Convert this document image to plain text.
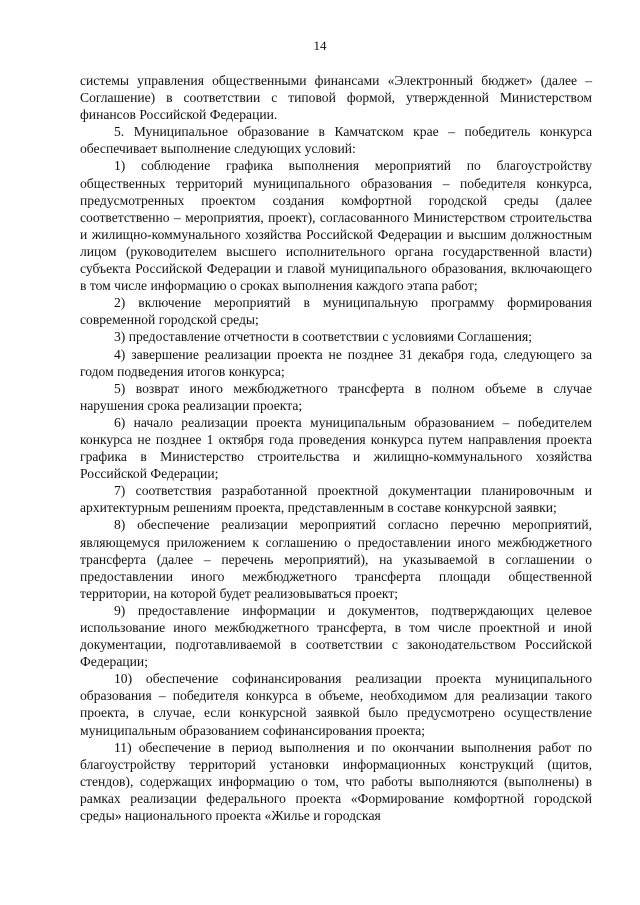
14

системы управления общественными финансами «Электронный бюджет» (далее – Соглашение) в соответствии с типовой формой, утвержденной Министерством финансов Российской Федерации.

5. Муниципальное образование в Камчатском крае – победитель конкурса обеспечивает выполнение следующих условий:

1) соблюдение графика выполнения мероприятий по благоустройству общественных территорий муниципального образования – победителя конкурса, предусмотренных проектом создания комфортной городской среды (далее соответственно – мероприятия, проект), согласованного Министерством строительства и жилищно-коммунального хозяйства Российской Федерации и высшим должностным лицом (руководителем высшего исполнительного органа государственной власти) субъекта Российской Федерации и главой муниципального образования, включающего в том числе информацию о сроках выполнения каждого этапа работ;

2) включение мероприятий в муниципальную программу формирования современной городской среды;

3) предоставление отчетности в соответствии с условиями Соглашения;

4) завершение реализации проекта не позднее 31 декабря года, следующего за годом подведения итогов конкурса;

5) возврат иного межбюджетного трансферта в полном объеме в случае нарушения срока реализации проекта;

6) начало реализации проекта муниципальным образованием – победителем конкурса не позднее 1 октября года проведения конкурса путем направления проекта графика в Министерство строительства и жилищно-коммунального хозяйства Российской Федерации;

7) соответствия разработанной проектной документации планировочным и архитектурным решениям проекта, представленным в составе конкурсной заявки;

8) обеспечение реализации мероприятий согласно перечню мероприятий, являющемуся приложением к соглашению о предоставлении иного межбюджетного трансферта (далее – перечень мероприятий), на указываемой в соглашении о предоставлении иного межбюджетного трансферта площади общественной территории, на которой будет реализовываться проект;

9) предоставление информации и документов, подтверждающих целевое использование иного межбюджетного трансферта, в том числе проектной и иной документации, подготавливаемой в соответствии с законодательством Российской Федерации;

10) обеспечение софинансирования реализации проекта муниципального образования – победителя конкурса в объеме, необходимом для реализации такого проекта, в случае, если конкурсной заявкой было предусмотрено осуществление муниципальным образованием софинансирования проекта;

11) обеспечение в период выполнения и по окончании выполнения работ по благоустройству территорий установки информационных конструкций (щитов, стендов), содержащих информацию о том, что работы выполняются (выполнены) в рамках реализации федерального проекта «Формирование комфортной городской среды» национального проекта «Жилье и городская
